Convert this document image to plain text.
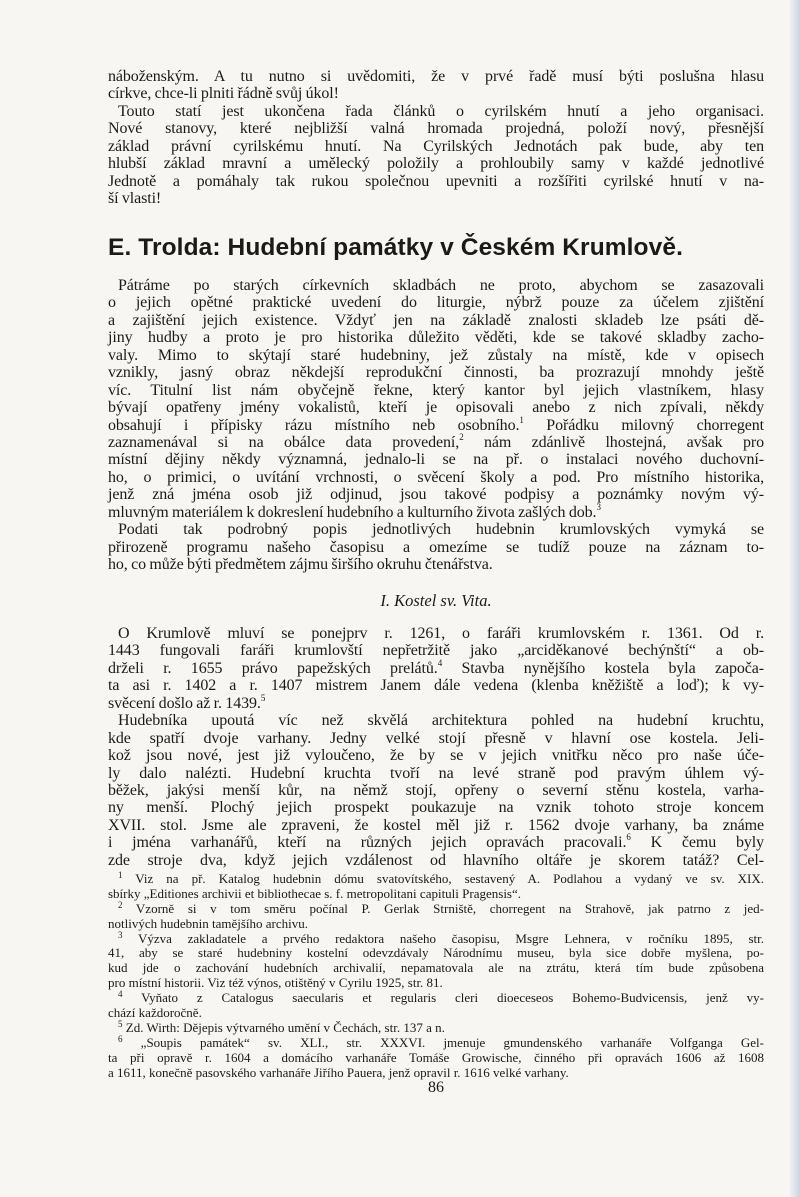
náboženským. A tu nutno si uvědomiti, že v prvé řadě musí býti poslušna hlasu
církve, chce-li plniti řádně svůj úkol!
Touto statí jest ukončena řada článků o cyrilském hnutí a jeho organisaci.
Nové stanovy, které nejbližší valná hromada projedná, položí nový, přesnější
základ právní cyrilskému hnutí. Na Cyrilských Jednotách pak bude, aby ten
hlubší základ mravní a umělecký položily a prohloubily samy v každé jednotlivé
Jednotě a pomáhaly tak rukou společnou upevniti a rozšířiti cyrilské hnutí v na-
ší vlasti!
E. Trolda: Hudební památky v Českém Krumlově.
Pátráme po starých církevních skladbách ne proto, abychom se zasazovali
o jejich opětné praktické uvedení do liturgie, nýbrž pouze za účelem zjištění
a zajištění jejich existence. Vždyť jen na základě znalosti skladeb lze psáti dě-
jiny hudby a proto je pro historika důležito věděti, kde se takové skladby zacho-
valy. Mimo to skýtají staré hudebniny, jež zůstaly na místě, kde v opisech
vznikly, jasný obraz někdejší reprodukční činnosti, ba prozrazují mnohdy ještě
víc. Titulní list nám obyčejně řekne, který kantor byl jejich vlastníkem, hlasy
bývají opatřeny jmény vokalistů, kteří je opisovali anebo z nich zpívali, někdy
obsahují i přípisky rázu místního neb osobního.$^1$ Pořádku milovný chorregent
zaznamenával si na obálce data provedení,$^2$ nám zdánlivě lhostejná, avšak pro
místní dějiny někdy významná, jednalo-li se na př. o instalaci nového duchovní-
ho, o primici, o uvítání vrchnosti, o svěcení školy a pod. Pro místního historika,
jenž zná jména osob již odjinud, jsou takové podpisy a poznámky novým vý-
mluvným materiálem k dokreslení hudebního a kulturního života zašlých dob.$^3$
Podati tak podrobný popis jednotlivých hudebnin krumlovských vymyká se
přirozeně programu našeho časopisu a omezíme se tudíž pouze na záznam to-
ho, co může býti předmětem zájmu širšího okruhu čtenářstva.

I. Kostel sv. Vita.

O Krumlově mluví se ponejprv r. 1261, o faráři krumlovském r. 1361. Od r.
1443 fungovali faráři krumlovští nepřetržitě jako „arciděkanové bechýnští“ a ob-
drželi r. 1655 právo papežských prelátů.$^4$ Stavba nynějšího kostela byla započa-
ta asi r. 1402 a r. 1407 mistrem Janem dále vedena (klenba kněžiště a loď); k vy-
svěcení došlo až r. 1439.$^5$
Hudebníka upoutá víc než skvělá architektura pohled na hudební kruchtu,
kde spatří dvoje varhany. Jedny velké stojí přesně v hlavní ose kostela. Jeli-
kož jsou nové, jest již vyloučeno, že by se v jejich vnitřku něco pro naše úče-
ly dalo nalézti. Hudební kruchta tvoří na levé straně pod pravým úhlem vý-
běžek, jakýsi menší kůr, na němž stojí, opřeny o severní stěnu kostela, varha-
ny menší. Plochý jejich prospekt poukazuje na vznik tohoto stroje koncem
XVII. stol. Jsme ale zpraveni, že kostel měl již r. 1562 dvoje varhany, ba známe
i jména varhanářů, kteří na různých jejich opravách pracovali.$^6$ K čemu byly
zde stroje dva, když jejich vzdálenost od hlavního oltáře je skorem tatáž? Cel-
$^1$ Viz na př. Katalog hudebnin dómu svatovítského, sestavený A. Podlahou a vydaný ve sv. XIX.
sbírky „Editiones archivii et bibliothecae s. f. metropolitani capituli Pragensis“.
$^2$ Vzorně si v tom směru počínal P. Gerlak Strniště, chorregent na Strahově, jak patrno z jed-
notlivých hudebnin tamějšího archivu.
$^3$ Výzva zakladatele a prvého redaktora našeho časopisu, Msgre Lehnera, v ročníku 1895, str.
41, aby se staré hudebniny kostelní odevzdávaly Národnímu museu, byla sice dobře myšlena, po-
kud jde o zachování hudebních archivalií, nepamatovala ale na ztrátu, která tím bude způsobena
pro místní historii. Viz též výnos, otištěný v Cyrilu 1925, str. 81.
$^4$ Vyňato z Catalogus saecularis et regularis cleri dioeceseos Bohemo-Budvicensis, jenž vy-
chází každoročně.
$^5$ Zd. Wirth: Dějepis výtvarného umění v Čechách, str. 137 a n.
$^6$ „Soupis památek“ sv. XLI., str. XXXVI. jmenuje gmundenského varhanáře Volfganga Gel-
ta při opravě r. 1604 a domácího varhanáře Tomáše Growische, činného při opravách 1606 až 1608
a 1611, konečně pasovského varhanáře Jiřího Pauera, jenž opravil r. 1616 velké varhany.
86
